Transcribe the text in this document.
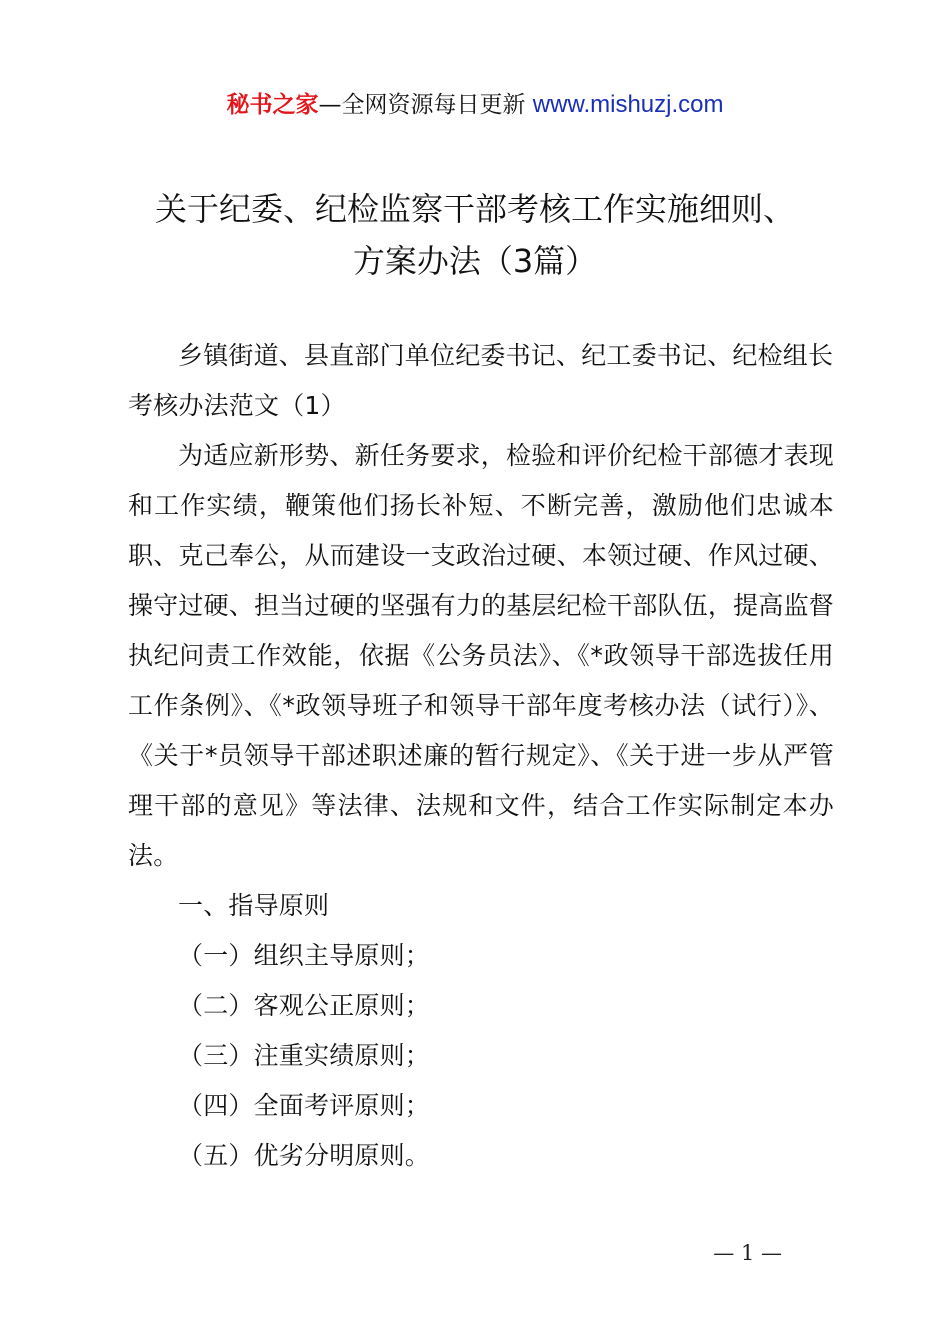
秘书之家—全网资源每日更新 www.mishuzj.com
关于纪委、纪检监察干部考核工作实施细则、
方案办法（3篇）

乡镇街道、县直部门单位纪委书记、纪工委书记、纪检组长考核办法范文（1）

为适应新形势、新任务要求，检验和评价纪检干部德才表现和工作实绩，鞭策他们扬长补短、不断完善，激励他们忠诚本职、克己奉公，从而建设一支政治过硬、本领过硬、作风过硬、操守过硬、担当过硬的坚强有力的基层纪检干部队伍，提高监督执纪问责工作效能，依据《公务员法》、《*政领导干部选拔任用工作条例》、《*政领导班子和领导干部年度考核办法（试行）》、《关于*员领导干部述职述廉的暂行规定》、《关于进一步从严管理干部的意见》等法律、法规和文件，结合工作实际制定本办法。

一、指导原则

（一）组织主导原则；

（二）客观公正原则；

（三）注重实绩原则；

（四）全面考评原则；

（五）优劣分明原则。

— 1 —
